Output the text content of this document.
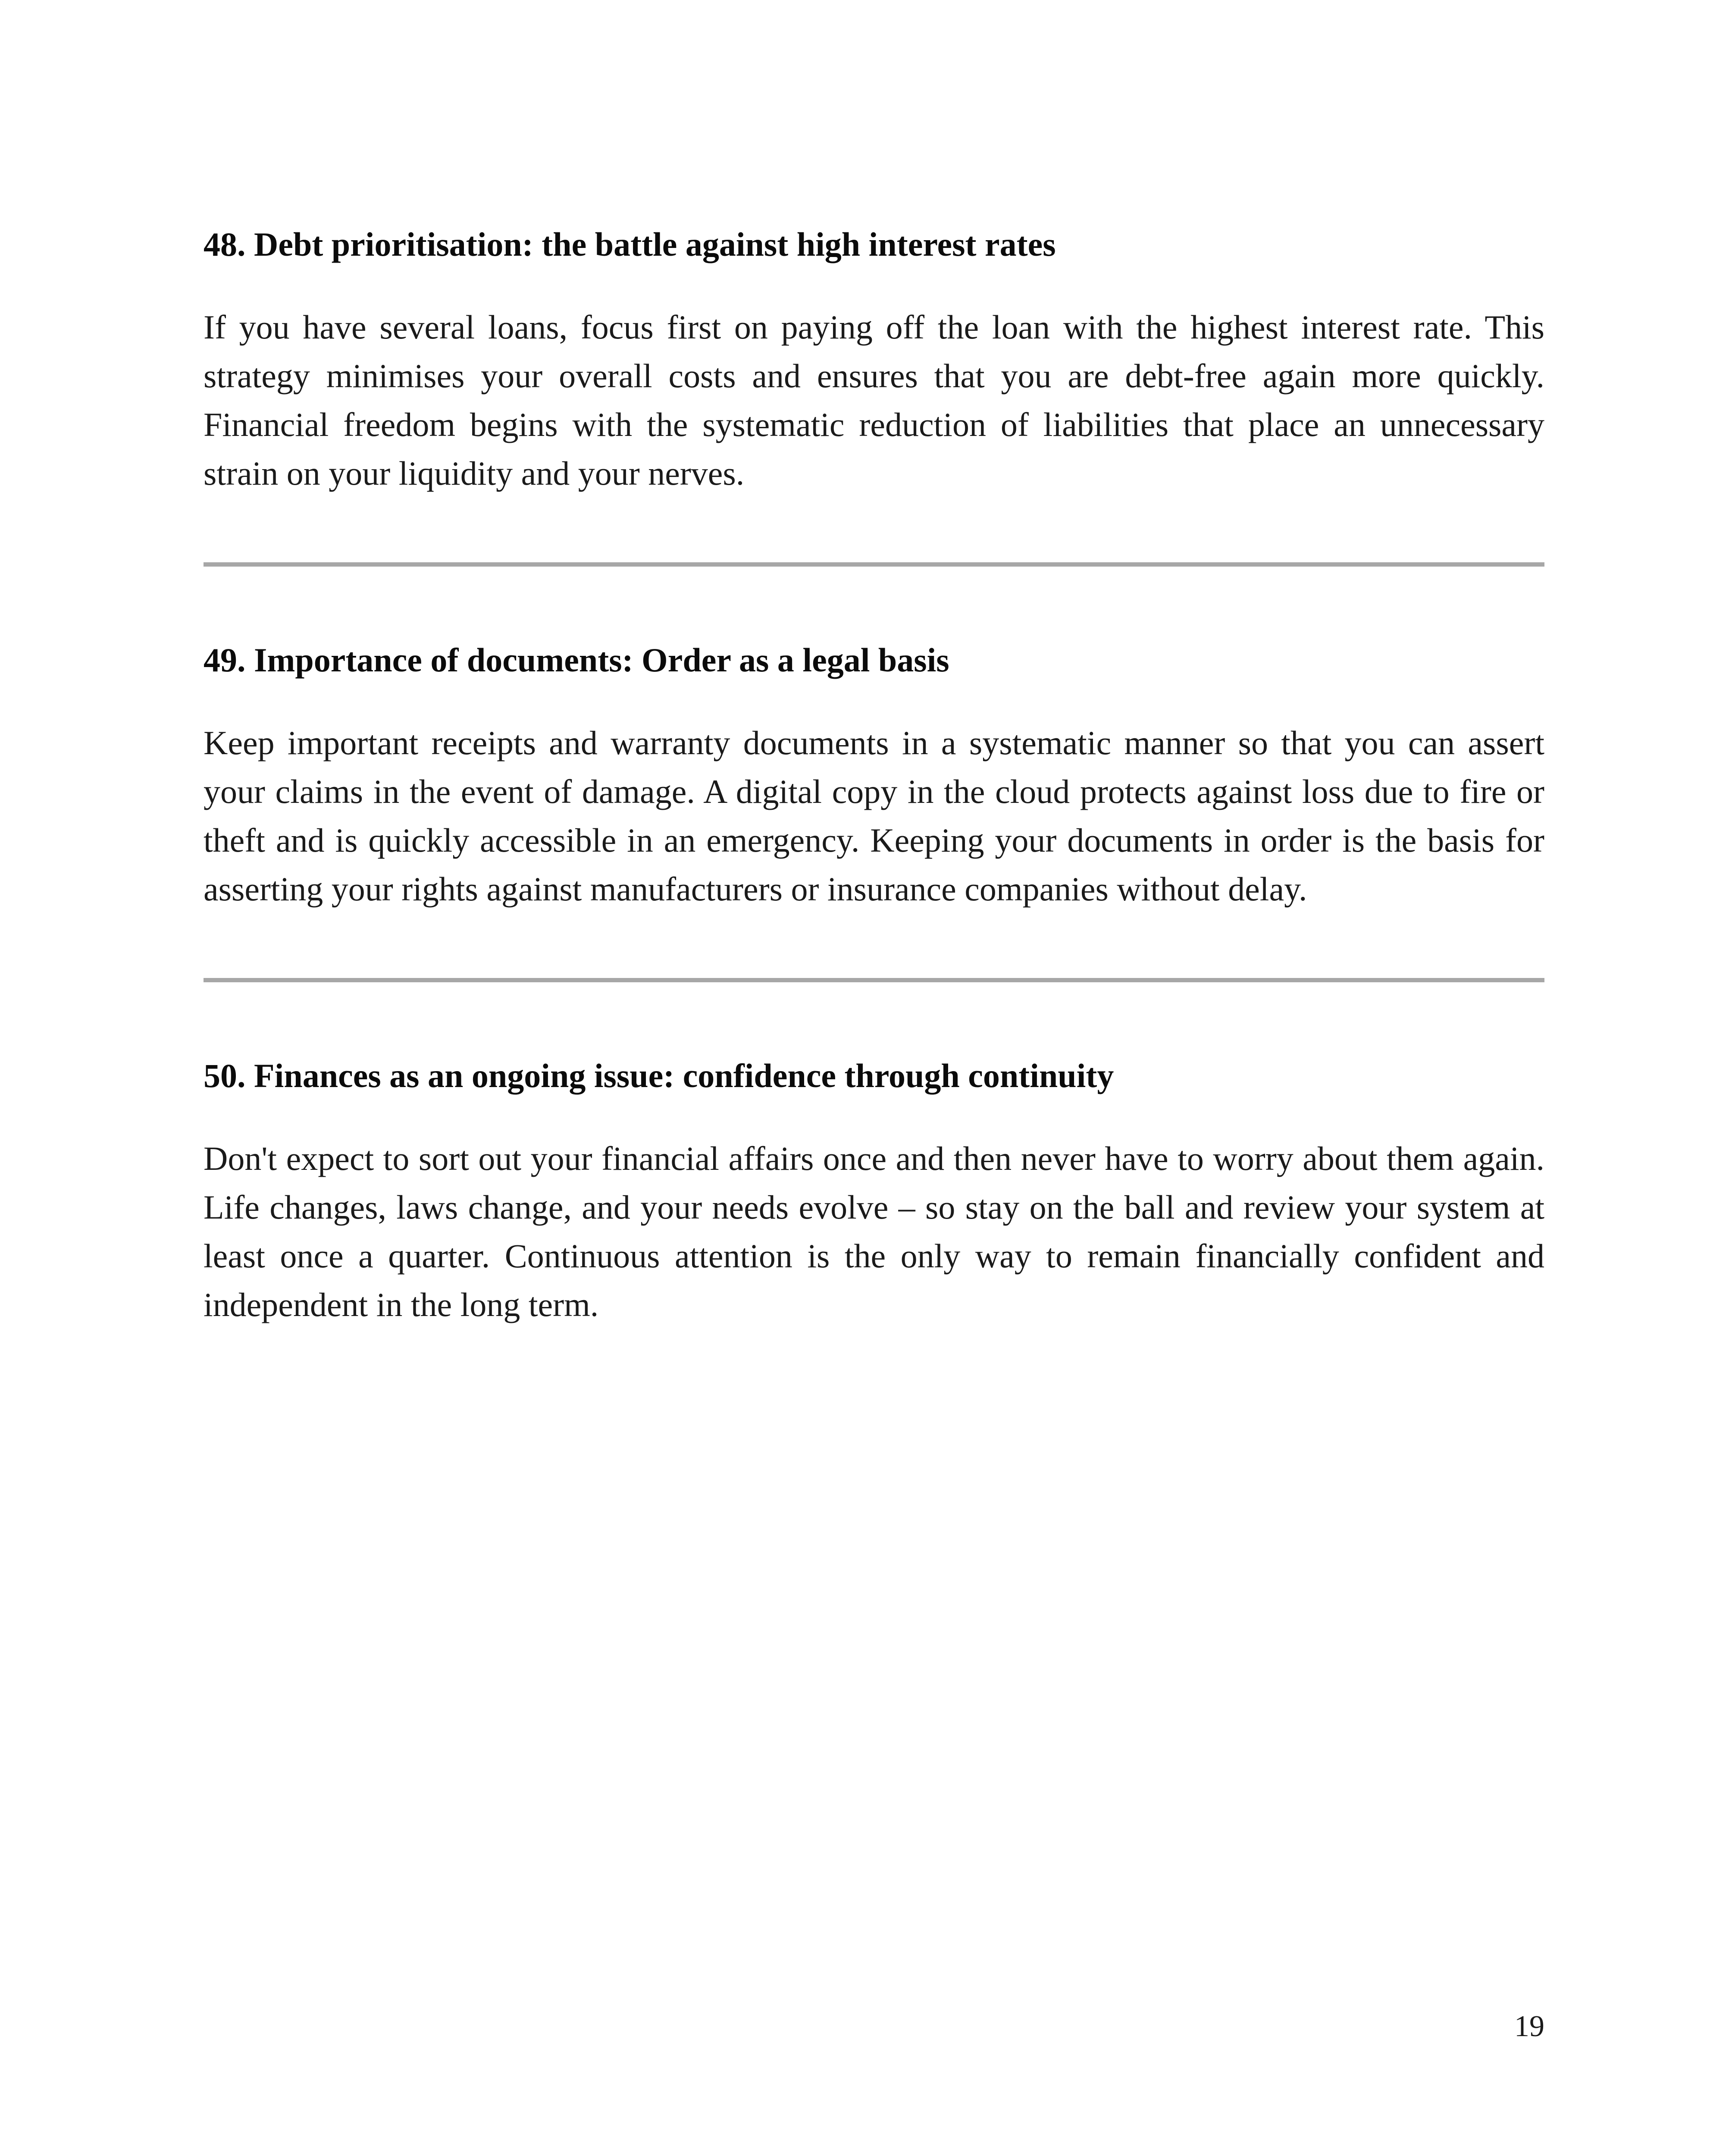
48. Debt prioritisation: the battle against high interest rates

If you have several loans, focus first on paying off the loan with the highest interest rate. This strategy minimises your overall costs and ensures that you are debt-free again more quickly. Financial freedom begins with the systematic reduction of liabilities that place an unnecessary strain on your liquidity and your nerves.

49. Importance of documents: Order as a legal basis

Keep important receipts and warranty documents in a systematic manner so that you can assert your claims in the event of damage. A digital copy in the cloud protects against loss due to fire or theft and is quickly accessible in an emergency. Keeping your documents in order is the basis for asserting your rights against manufacturers or insurance companies without delay.

50. Finances as an ongoing issue: confidence through continuity

Don't expect to sort out your financial affairs once and then never have to worry about them again. Life changes, laws change, and your needs evolve – so stay on the ball and review your system at least once a quarter. Continuous attention is the only way to remain financially confident and independent in the long term.

19
